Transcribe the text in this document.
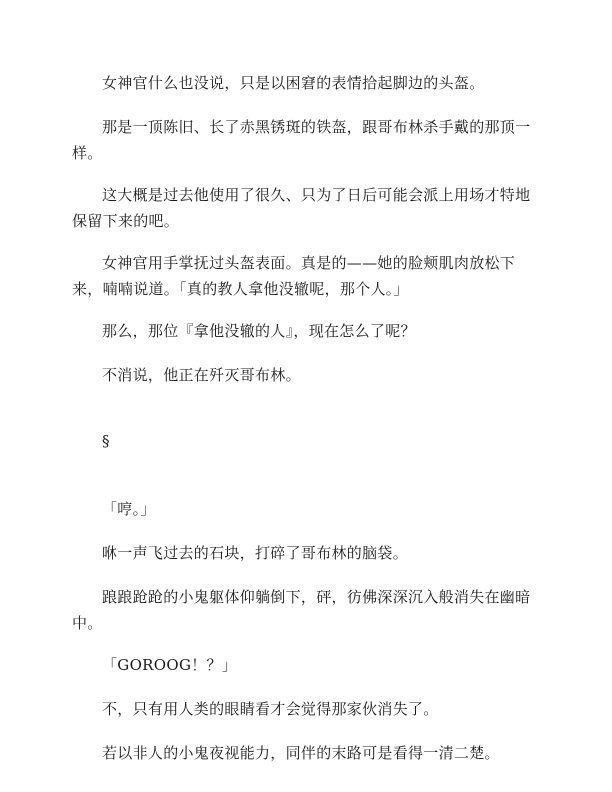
女神官什么也没说，只是以困窘的表情拾起脚边的头盔。

那是一顶陈旧、长了赤黑锈斑的铁盔，跟哥布林杀手戴的那顶一样。

这大概是过去他使用了很久、只为了日后可能会派上用场才特地保留下来的吧。

女神官用手掌抚过头盔表面。真是的——她的脸颊肌肉放松下来，喃喃说道。「真的教人拿他没辙呢，那个人。」

那么，那位『拿他没辙的人』，现在怎么了呢？

不消说，他正在歼灭哥布林。

§

「哼。」

咻一声飞过去的石块，打碎了哥布林的脑袋。

踉踉跄跄的小鬼躯体仰躺倒下，砰，彷佛深深沉入般消失在幽暗中。

「GOROOG！？」

不，只有用人类的眼睛看才会觉得那家伙消失了。

若以非人的小鬼夜视能力，同伴的末路可是看得一清二楚。
